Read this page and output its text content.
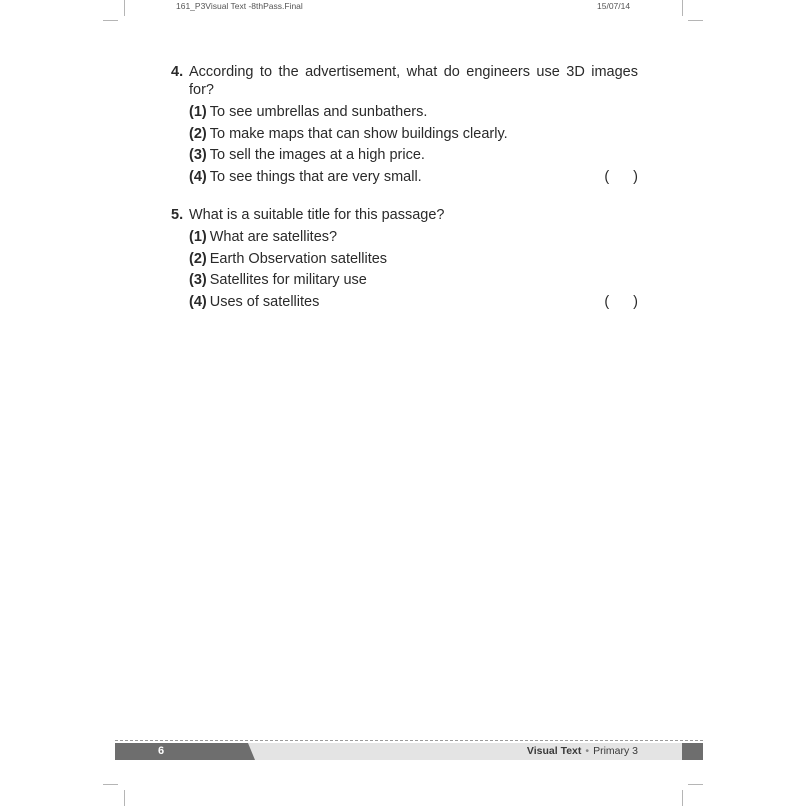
161_P3Visual Text -8thPass.Final	15/07/14
4. According to the advertisement, what do engineers use 3D images for?
(1) To see umbrellas and sunbathers.
(2) To make maps that can show buildings clearly.
(3) To sell the images at a high price.
(4) To see things that are very small.	( )
5. What is a suitable title for this passage?
(1) What are satellites?
(2) Earth Observation satellites
(3) Satellites for military use
(4) Uses of satellites	( )
6	Visual Text • Primary 3
